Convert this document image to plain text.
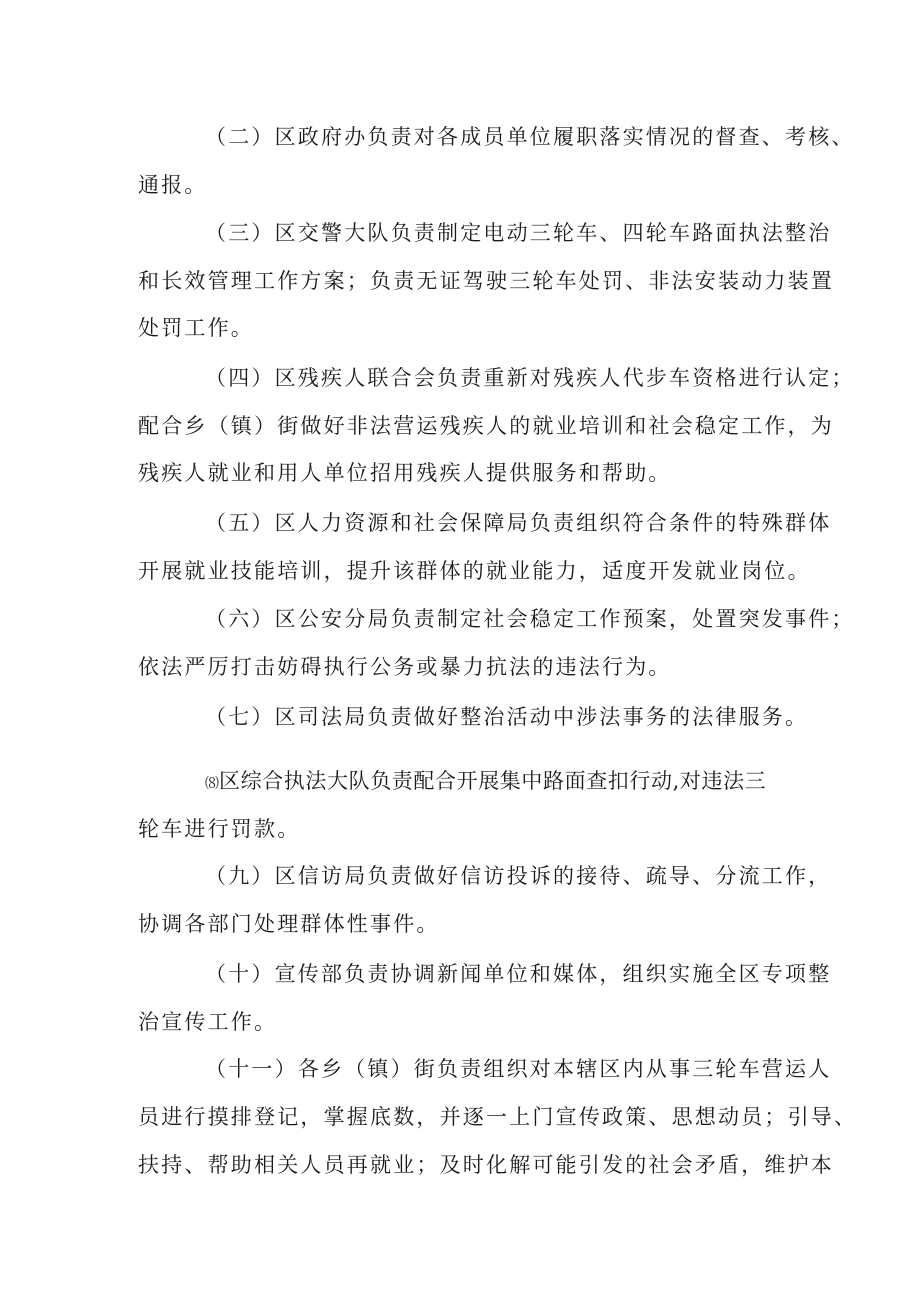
（二）区政府办负责对各成员单位履职落实情况的督查、考核、
通报。
（三）区交警大队负责制定电动三轮车、四轮车路面执法整治
和长效管理工作方案；负责无证驾驶三轮车处罚、非法安装动力装置
处罚工作。
（四）区残疾人联合会负责重新对残疾人代步车资格进行认定；
配合乡（镇）街做好非法营运残疾人的就业培训和社会稳定工作，为
残疾人就业和用人单位招用残疾人提供服务和帮助。
（五）区人力资源和社会保障局负责组织符合条件的特殊群体
开展就业技能培训，提升该群体的就业能力，适度开发就业岗位。
（六）区公安分局负责制定社会稳定工作预案，处置突发事件；
依法严厉打击妨碍执行公务或暴力抗法的违法行为。
（七）区司法局负责做好整治活动中涉法事务的法律服务。
⑻区综合执法大队负责配合开展集中路面查扣行动,对违法三
轮车进行罚款。
（九）区信访局负责做好信访投诉的接待、疏导、分流工作，
协调各部门处理群体性事件。
（十）宣传部负责协调新闻单位和媒体，组织实施全区专项整
治宣传工作。
（十一）各乡（镇）街负责组织对本辖区内从事三轮车营运人
员进行摸排登记，掌握底数，并逐一上门宣传政策、思想动员；引导、
扶持、帮助相关人员再就业；及时化解可能引发的社会矛盾，维护本
